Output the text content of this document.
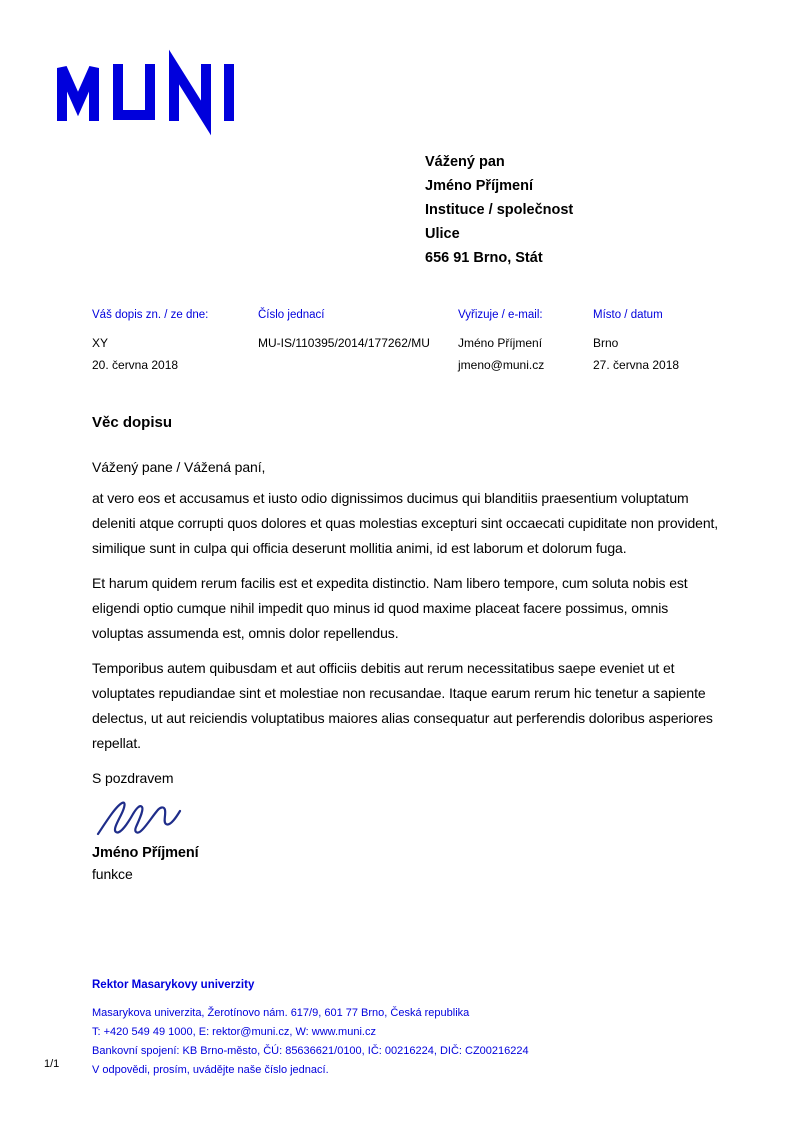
Vážený pan
Jméno Příjmení
Instituce / společnost
Ulice
656 91 Brno, Stát
Váš dopis zn. / ze dne:
XY
20. června 2018
Číslo jednací
MU-IS/110395/2014/177262/MU
Vyřizuje / e-mail:
Jméno Příjmení
jmeno@muni.cz
Místo / datum
Brno
27. června 2018
Věc dopisu
Vážený pane / Vážená paní,

at vero eos et accusamus et iusto odio dignissimos ducimus qui blanditiis praesentium voluptatum deleniti atque corrupti quos dolores et quas molestias excepturi sint occaecati cupiditate non provident, similique sunt in culpa qui officia deserunt mollitia animi, id est laborum et dolorum fuga.

Et harum quidem rerum facilis est et expedita distinctio. Nam libero tempore, cum soluta nobis est eligendi optio cumque nihil impedit quo minus id quod maxime placeat facere possimus, omnis voluptas assumenda est, omnis dolor repellendus.

Temporibus autem quibusdam et aut officiis debitis aut rerum necessitatibus saepe eveniet ut et voluptates repudiandae sint et molestiae non recusandae. Itaque earum rerum hic tenetur a sapiente delectus, ut aut reiciendis voluptatibus maiores alias consequatur aut perferendis doloribus asperiores repellat.

S pozdravem
Jméno Příjmení
funkce
Rektor Masarykovy univerzity
Masarykova univerzita, Žerotínovo nám. 617/9, 601 77 Brno, Česká republika
T: +420 549 49 1000, E: rektor@muni.cz, W: www.muni.cz
Bankovní spojení: KB Brno-město, ČÚ: 85636621/0100, IČ: 00216224, DIČ: CZ00216224
V odpovědi, prosím, uvádějte naše číslo jednací.
1/1
